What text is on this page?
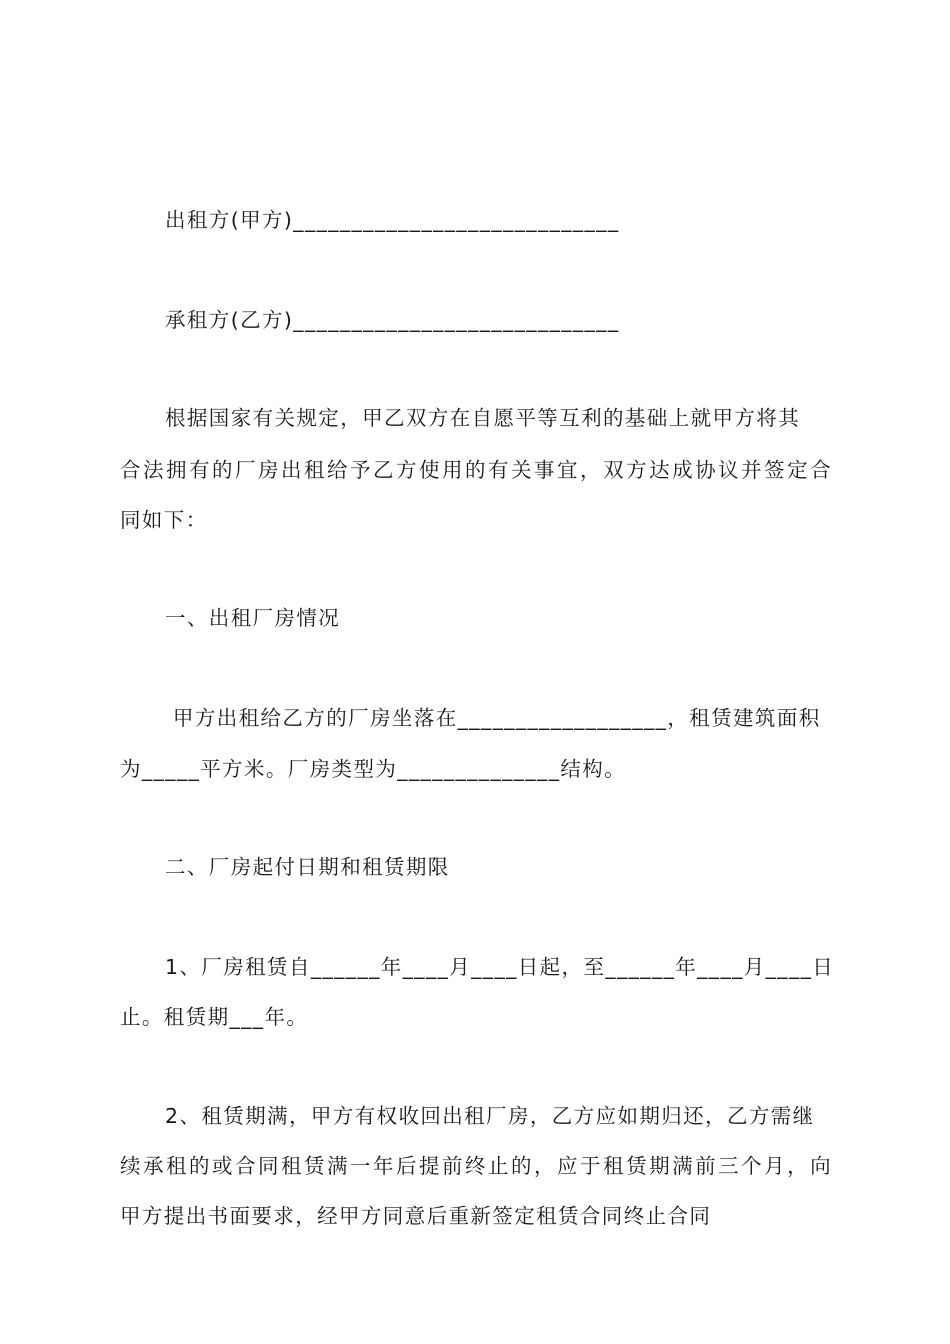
出租方(甲方)____________________________
承租方(乙方)____________________________
根据国家有关规定，甲乙双方在自愿平等互利的基础上就甲方将其
合法拥有的厂房出租给予乙方使用的有关事宜，双方达成协议并签定合
同如下：
一、出租厂房情况
甲方出租给乙方的厂房坐落在__________________，租赁建筑面积
为_____平方米。厂房类型为______________结构。
二、厂房起付日期和租赁期限
1、厂房租赁自______年____月____日起，至______年____月____日
止。租赁期___年。
2、租赁期满，甲方有权收回出租厂房，乙方应如期归还，乙方需继
续承租的或合同租赁满一年后提前终止的，应于租赁期满前三个月，向
甲方提出书面要求，经甲方同意后重新签定租赁合同终止合同
